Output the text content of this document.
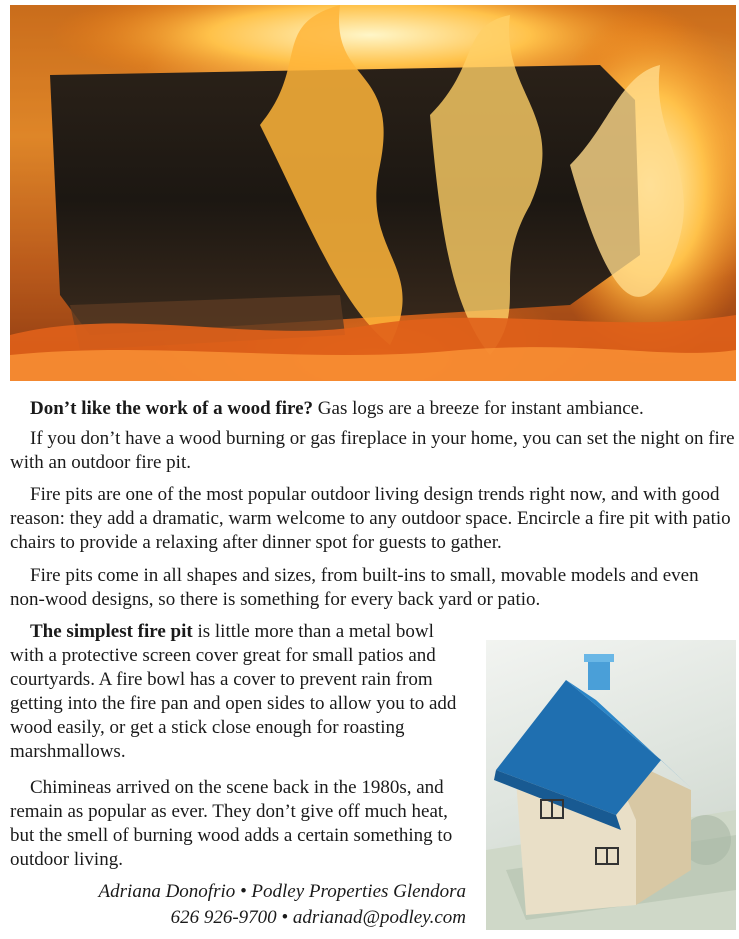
Don’t like the work of a wood fire? Gas logs are a breeze for instant ambiance.

If you don’t have a wood burning or gas fireplace in your home, you can set the night on fire with an outdoor fire pit.

Fire pits are one of the most popular outdoor living design trends right now, and with good reason: they add a dramatic, warm welcome to any outdoor space. Encircle a fire pit with patio chairs to provide a relaxing after dinner spot for guests to gather.

Fire pits come in all shapes and sizes, from built-ins to small, movable models and even non-wood designs, so there is something for every back yard or patio.

The simplest fire pit is little more than a metal bowl with a protective screen cover great for small patios and courtyards. A fire bowl has a cover to prevent rain from getting into the fire pan and open sides to allow you to add wood easily, or get a stick close enough for roasting marshmallows.

Chimineas arrived on the scene back in the 1980s, and remain as popular as ever. They don’t give off much heat, but the smell of burning wood adds a certain something to outdoor living.

Adriana Donofrio • Podley Properties Glendora

626 926-9700 • adrianad@podley.com
